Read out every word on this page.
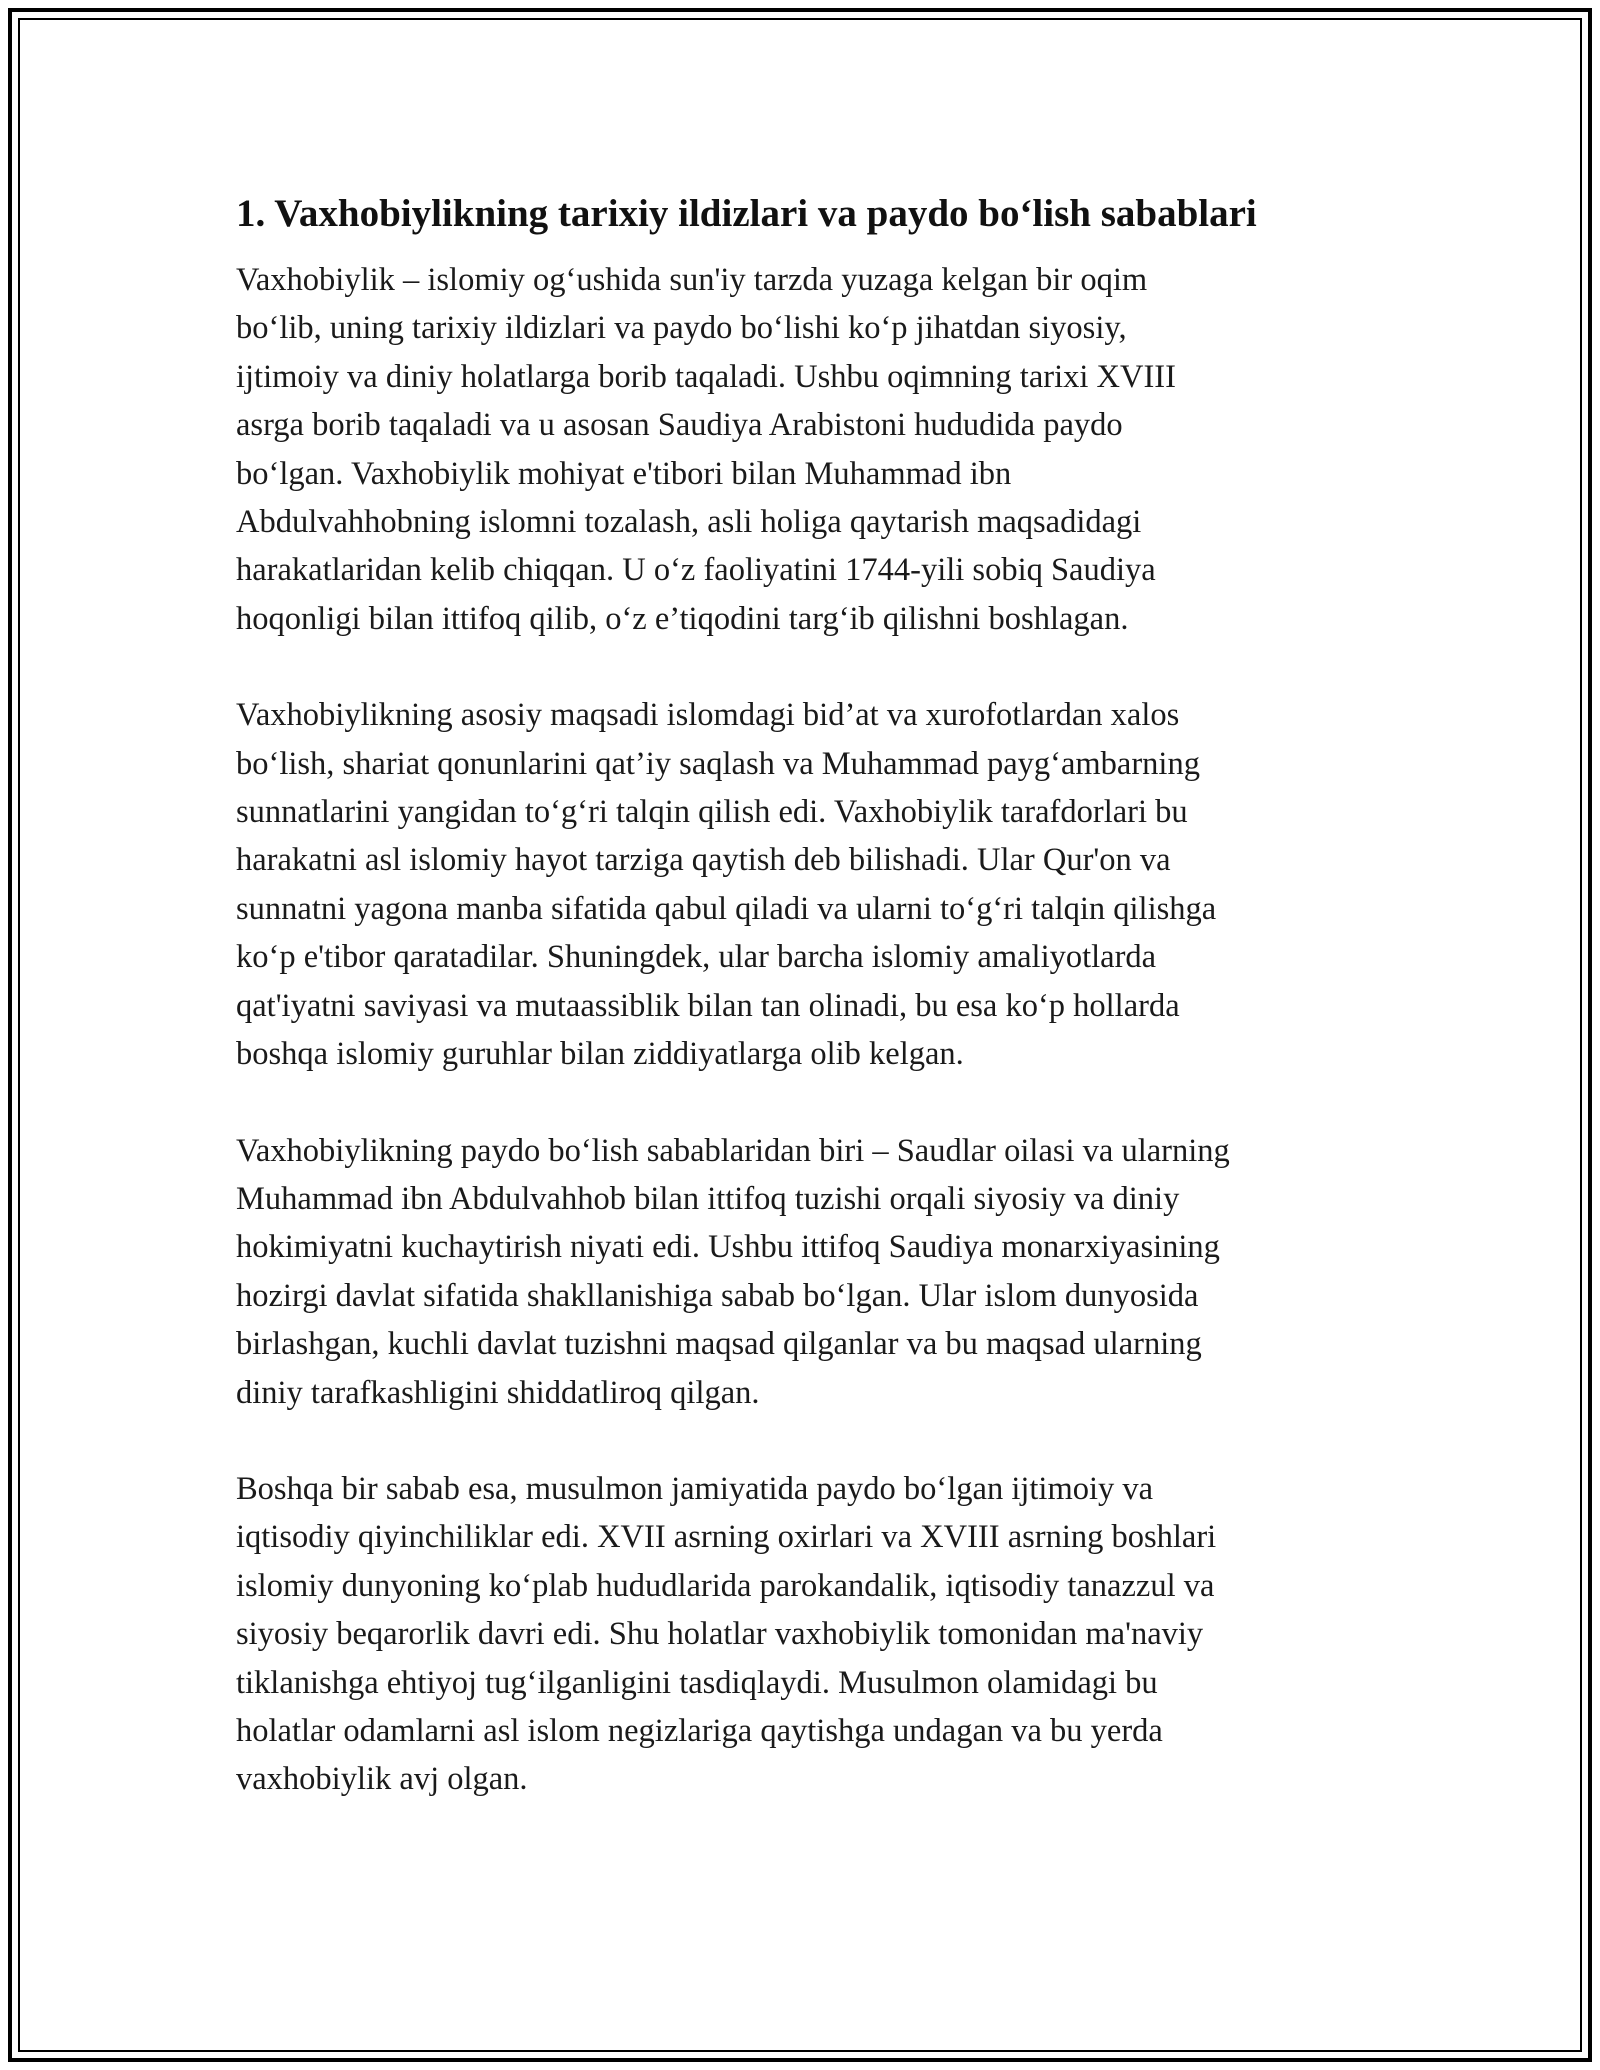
1. Vaxhobiylikning tarixiy ildizlari va paydo bo‘lish sabablari

Vaxhobiylik – islomiy og‘ushida sun'iy tarzda yuzaga kelgan bir oqim
bo‘lib, uning tarixiy ildizlari va paydo bo‘lishi ko‘p jihatdan siyosiy,
ijtimoiy va diniy holatlarga borib taqaladi. Ushbu oqimning tarixi XVIII
asrga borib taqaladi va u asosan Saudiya Arabistoni hududida paydo
bo‘lgan. Vaxhobiylik mohiyat e'tibori bilan Muhammad ibn
Abdulvahhobning islomni tozalash, asli holiga qaytarish maqsadidagi
harakatlaridan kelib chiqqan. U o‘z faoliyatini 1744-yili sobiq Saudiya
hoqonligi bilan ittifoq qilib, o‘z e’tiqodini targ‘ib qilishni boshlagan.

Vaxhobiylikning asosiy maqsadi islomdagi bid’at va xurofotlardan xalos
bo‘lish, shariat qonunlarini qat’iy saqlash va Muhammad payg‘ambarning
sunnatlarini yangidan to‘g‘ri talqin qilish edi. Vaxhobiylik tarafdorlari bu
harakatni asl islomiy hayot tarziga qaytish deb bilishadi. Ular Qur'on va
sunnatni yagona manba sifatida qabul qiladi va ularni to‘g‘ri talqin qilishga
ko‘p e'tibor qaratadilar. Shuningdek, ular barcha islomiy amaliyotlarda
qat'iyatni saviyasi va mutaassiblik bilan tan olinadi, bu esa ko‘p hollarda
boshqa islomiy guruhlar bilan ziddiyatlarga olib kelgan.

Vaxhobiylikning paydo bo‘lish sabablaridan biri – Saudlar oilasi va ularning
Muhammad ibn Abdulvahhob bilan ittifoq tuzishi orqali siyosiy va diniy
hokimiyatni kuchaytirish niyati edi. Ushbu ittifoq Saudiya monarxiyasining
hozirgi davlat sifatida shakllanishiga sabab bo‘lgan. Ular islom dunyosida
birlashgan, kuchli davlat tuzishni maqsad qilganlar va bu maqsad ularning
diniy tarafkashligini shiddatliroq qilgan.

Boshqa bir sabab esa, musulmon jamiyatida paydo bo‘lgan ijtimoiy va
iqtisodiy qiyinchiliklar edi. XVII asrning oxirlari va XVIII asrning boshlari
islomiy dunyoning ko‘plab hududlarida parokandalik, iqtisodiy tanazzul va
siyosiy beqarorlik davri edi. Shu holatlar vaxhobiylik tomonidan ma'naviy
tiklanishga ehtiyoj tug‘ilganligini tasdiqlaydi. Musulmon olamidagi bu
holatlar odamlarni asl islom negizlariga qaytishga undagan va bu yerda
vaxhobiylik avj olgan.
